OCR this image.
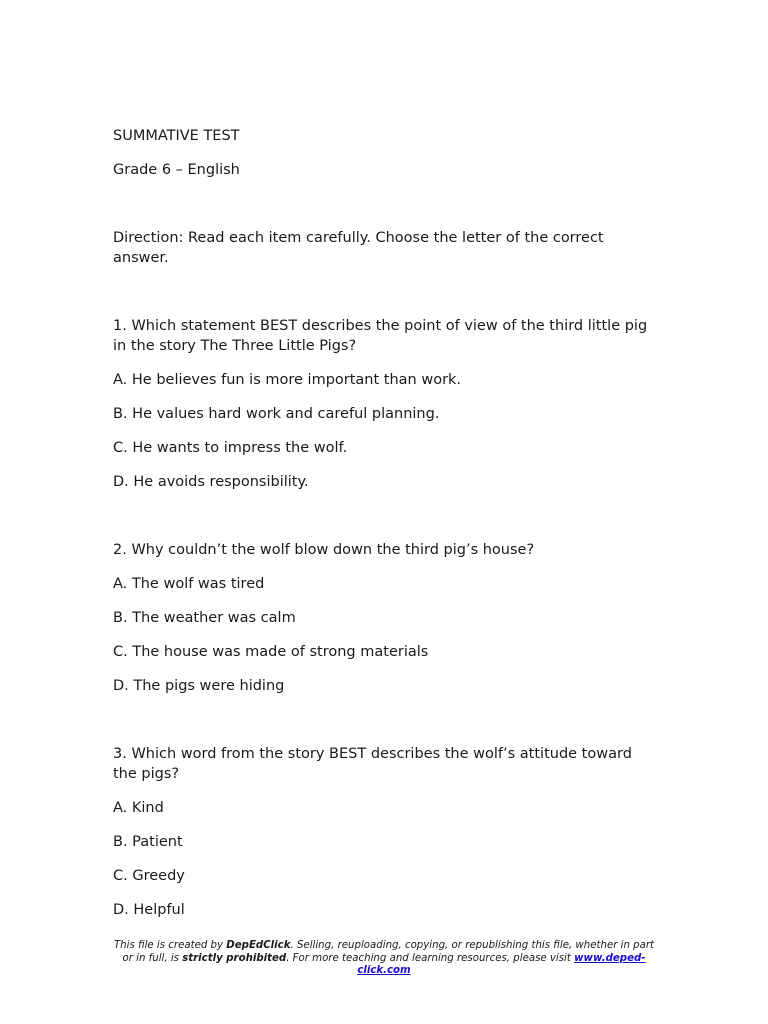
SUMMATIVE TEST

Grade 6 – English

Direction: Read each item carefully. Choose the letter of the correct answer.

1. Which statement BEST describes the point of view of the third little pig in the story The Three Little Pigs?

A. He believes fun is more important than work.

B. He values hard work and careful planning.

C. He wants to impress the wolf.

D. He avoids responsibility.

2. Why couldn’t the wolf blow down the third pig’s house?

A. The wolf was tired

B. The weather was calm

C. The house was made of strong materials

D. The pigs were hiding

3. Which word from the story BEST describes the wolf’s attitude toward the pigs?

A. Kind

B. Patient

C. Greedy

D. Helpful

This file is created by DepEdClick. Selling, reuploading, copying, or republishing this file, whether in part or in full, is strictly prohibited. For more teaching and learning resources, please visit www.deped-click.com
